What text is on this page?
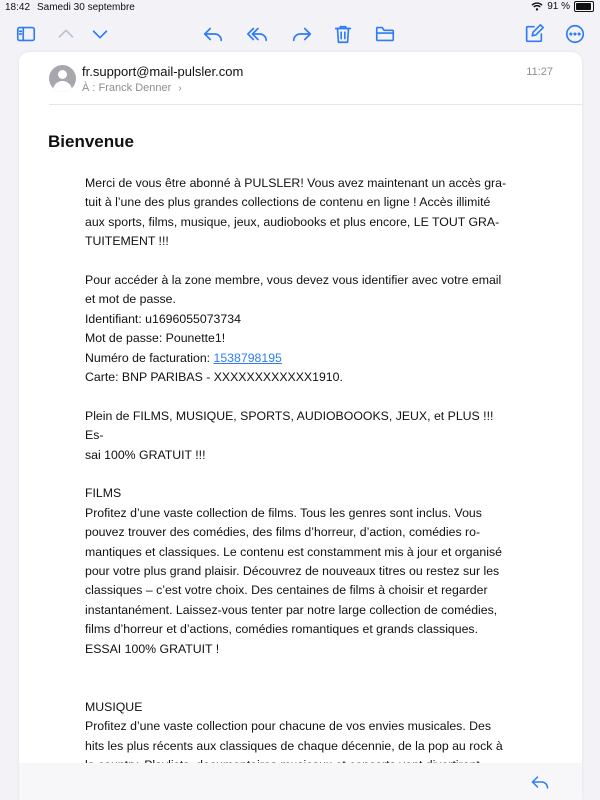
18:42 Samedi 30 septembre	91 %
fr.support@mail-pulsler.com
À : Franck Denner ›
11:27
Bienvenue

Merci de vous être abonné à PULSLER! Vous avez maintenant un accès gra-

tuit à l’une des plus grandes collections de contenu en ligne ! Accès illimité

aux sports, films, musique, jeux, audiobooks et plus encore, LE TOUT GRA-

TUITEMENT !!!

Pour accéder à la zone membre, vous devez vous identifier avec votre email

et mot de passe.

Identifiant: u1696055073734

Mot de passe: Pounette1!

Numéro de facturation: 1538798195

Carte: BNP PARIBAS - XXXXXXXXXXXX1910.

Plein de FILMS, MUSIQUE, SPORTS, AUDIOBOOOKS, JEUX, et PLUS !!! Es-

sai 100% GRATUIT !!!

FILMS

Profitez d’une vaste collection de films. Tous les genres sont inclus. Vous

pouvez trouver des comédies, des films d’horreur, d’action, comédies ro-

mantiques et classiques. Le contenu est constamment mis à jour et organisé

pour votre plus grand plaisir. Découvrez de nouveaux titres ou restez sur les

classiques – c’est votre choix. Des centaines de films à choisir et regarder

instantanément. Laissez-vous tenter par notre large collection de comédies,

films d’horreur et d’actions, comédies romantiques et grands classiques.

ESSAI 100% GRATUIT !

MUSIQUE

Profitez d’une vaste collection pour chacune de vos envies musicales. Des

hits les plus récents aux classiques de chaque décennie, de la pop au rock à
